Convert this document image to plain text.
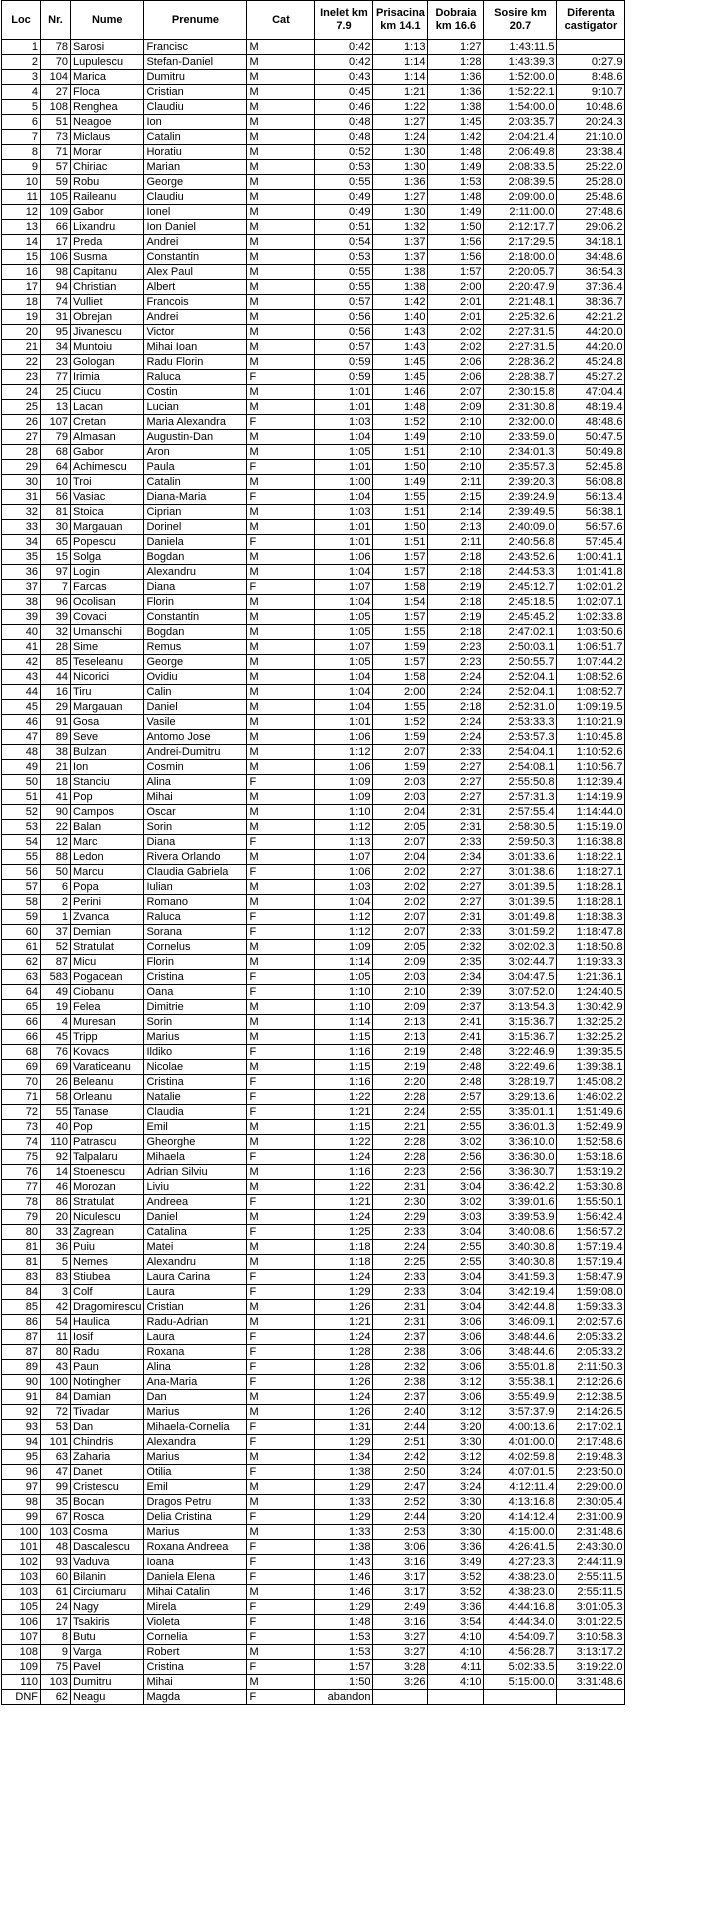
Loc	Nr.	Nume	Prenume	Cat	Inelet km 7.9	Prisacina km 14.1	Dobraia km 16.6	Sosire km 20.7	Diferenta castigator
1	78	Sarosi	Francisc	M	0:42	1:13	1:27	1:43:11.5	
2	70	Lupulescu	Stefan-Daniel	M	0:42	1:14	1:28	1:43:39.3	0:27.9
3	104	Marica	Dumitru	M	0:43	1:14	1:36	1:52:00.0	8:48.6
4	27	Floca	Cristian	M	0:45	1:21	1:36	1:52:22.1	9:10.7
5	108	Renghea	Claudiu	M	0:46	1:22	1:38	1:54:00.0	10:48.6
6	51	Neagoe	Ion	M	0:48	1:27	1:45	2:03:35.7	20:24.3
7	73	Miclaus	Catalin	M	0:48	1:24	1:42	2:04:21.4	21:10.0
8	71	Morar	Horatiu	M	0:52	1:30	1:48	2:06:49.8	23:38.4
9	57	Chiriac	Marian	M	0:53	1:30	1:49	2:08:33.5	25:22.0
10	59	Robu	George	M	0:55	1:36	1:53	2:08:39.5	25:28.0
11	105	Raileanu	Claudiu	M	0:49	1:27	1:48	2:09:00.0	25:48.6
12	109	Gabor	Ionel	M	0:49	1:30	1:49	2:11:00.0	27:48.6
13	66	Lixandru	Ion Daniel	M	0:51	1:32	1:50	2:12:17.7	29:06.2
14	17	Preda	Andrei	M	0:54	1:37	1:56	2:17:29.5	34:18.1
15	106	Susma	Constantin	M	0:53	1:37	1:56	2:18:00.0	34:48.6
16	98	Capitanu	Alex Paul	M	0:55	1:38	1:57	2:20:05.7	36:54.3
17	94	Christian	Albert	M	0:55	1:38	2:00	2:20:47.9	37:36.4
18	74	Vulliet	Francois	M	0:57	1:42	2:01	2:21:48.1	38:36.7
19	31	Obrejan	Andrei	M	0:56	1:40	2:01	2:25:32.6	42:21.2
20	95	Jivanescu	Victor	M	0:56	1:43	2:02	2:27:31.5	44:20.0
21	34	Muntoiu	Mihai Ioan	M	0:57	1:43	2:02	2:27:31.5	44:20.0
22	23	Gologan	Radu Florin	M	0:59	1:45	2:06	2:28:36.2	45:24.8
23	77	Irimia	Raluca	F	0:59	1:45	2:06	2:28:38.7	45:27.2
24	25	Ciucu	Costin	M	1:01	1:46	2:07	2:30:15.8	47:04.4
25	13	Lacan	Lucian	M	1:01	1:48	2:09	2:31:30.8	48:19.4
26	107	Cretan	Maria Alexandra	F	1:03	1:52	2:10	2:32:00.0	48:48.6
27	79	Almasan	Augustin-Dan	M	1:04	1:49	2:10	2:33:59.0	50:47.5
28	68	Gabor	Aron	M	1:05	1:51	2:10	2:34:01.3	50:49.8
29	64	Achimescu	Paula	F	1:01	1:50	2:10	2:35:57.3	52:45.8
30	10	Troi	Catalin	M	1:00	1:49	2:11	2:39:20.3	56:08.8
31	56	Vasiac	Diana-Maria	F	1:04	1:55	2:15	2:39:24.9	56:13.4
32	81	Stoica	Ciprian	M	1:03	1:51	2:14	2:39:49.5	56:38.1
33	30	Margauan	Dorinel	M	1:01	1:50	2:13	2:40:09.0	56:57.6
34	65	Popescu	Daniela	F	1:01	1:51	2:11	2:40:56.8	57:45.4
35	15	Solga	Bogdan	M	1:06	1:57	2:18	2:43:52.6	1:00:41.1
36	97	Login	Alexandru	M	1:04	1:57	2:18	2:44:53.3	1:01:41.8
37	7	Farcas	Diana	F	1:07	1:58	2:19	2:45:12.7	1:02:01.2
38	96	Ocolisan	Florin	M	1:04	1:54	2:18	2:45:18.5	1:02:07.1
39	39	Covaci	Constantin	M	1:05	1:57	2:19	2:45:45.2	1:02:33.8
40	32	Umanschi	Bogdan	M	1:05	1:55	2:18	2:47:02.1	1:03:50.6
41	28	Sime	Remus	M	1:07	1:59	2:23	2:50:03.1	1:06:51.7
42	85	Teseleanu	George	M	1:05	1:57	2:23	2:50:55.7	1:07:44.2
43	44	Nicorici	Ovidiu	M	1:04	1:58	2:24	2:52:04.1	1:08:52.6
44	16	Tiru	Calin	M	1:04	2:00	2:24	2:52:04.1	1:08:52.7
45	29	Margauan	Daniel	M	1:04	1:55	2:18	2:52:31.0	1:09:19.5
46	91	Gosa	Vasile	M	1:01	1:52	2:24	2:53:33.3	1:10:21.9
47	89	Seve	Antomo Jose	M	1:06	1:59	2:24	2:53:57.3	1:10:45.8
48	38	Bulzan	Andrei-Dumitru	M	1:12	2:07	2:33	2:54:04.1	1:10:52.6
49	21	Ion	Cosmin	M	1:06	1:59	2:27	2:54:08.1	1:10:56.7
50	18	Stanciu	Alina	F	1:09	2:03	2:27	2:55:50.8	1:12:39.4
51	41	Pop	Mihai	M	1:09	2:03	2:27	2:57:31.3	1:14:19.9
52	90	Campos	Oscar	M	1:10	2:04	2:31	2:57:55.4	1:14:44.0
53	22	Balan	Sorin	M	1:12	2:05	2:31	2:58:30.5	1:15:19.0
54	12	Marc	Diana	F	1:13	2:07	2:33	2:59:50.3	1:16:38.8
55	88	Ledon	Rivera Orlando	M	1:07	2:04	2:34	3:01:33.6	1:18:22.1
56	50	Marcu	Claudia Gabriela	F	1:06	2:02	2:27	3:01:38.6	1:18:27.1
57	6	Popa	Iulian	M	1:03	2:02	2:27	3:01:39.5	1:18:28.1
58	2	Perini	Romano	M	1:04	2:02	2:27	3:01:39.5	1:18:28.1
59	1	Zvanca	Raluca	F	1:12	2:07	2:31	3:01:49.8	1:18:38.3
60	37	Demian	Sorana	F	1:12	2:07	2:33	3:01:59.2	1:18:47.8
61	52	Stratulat	Cornelus	M	1:09	2:05	2:32	3:02:02.3	1:18:50.8
62	87	Micu	Florin	M	1:14	2:09	2:35	3:02:44.7	1:19:33.3
63	583	Pogacean	Cristina	F	1:05	2:03	2:34	3:04:47.5	1:21:36.1
64	49	Ciobanu	Oana	F	1:10	2:10	2:39	3:07:52.0	1:24:40.5
65	19	Felea	Dimitrie	M	1:10	2:09	2:37	3:13:54.3	1:30:42.9
66	4	Muresan	Sorin	M	1:14	2:13	2:41	3:15:36.7	1:32:25.2
66	45	Tripp	Marius	M	1:15	2:13	2:41	3:15:36.7	1:32:25.2
68	76	Kovacs	Ildiko	F	1:16	2:19	2:48	3:22:46.9	1:39:35.5
69	69	Varaticeanu	Nicolae	M	1:15	2:19	2:48	3:22:49.6	1:39:38.1
70	26	Beleanu	Cristina	F	1:16	2:20	2:48	3:28:19.7	1:45:08.2
71	58	Orleanu	Natalie	F	1:22	2:28	2:57	3:29:13.6	1:46:02.2
72	55	Tanase	Claudia	F	1:21	2:24	2:55	3:35:01.1	1:51:49.6
73	40	Pop	Emil	M	1:15	2:21	2:55	3:36:01.3	1:52:49.9
74	110	Patrascu	Gheorghe	M	1:22	2:28	3:02	3:36:10.0	1:52:58.6
75	92	Talpalaru	Mihaela	F	1:24	2:28	2:56	3:36:30.0	1:53:18.6
76	14	Stoenescu	Adrian Silviu	M	1:16	2:23	2:56	3:36:30.7	1:53:19.2
77	46	Morozan	Liviu	M	1:22	2:31	3:04	3:36:42.2	1:53:30.8
78	86	Stratulat	Andreea	F	1:21	2:30	3:02	3:39:01.6	1:55:50.1
79	20	Niculescu	Daniel	M	1:24	2:29	3:03	3:39:53.9	1:56:42.4
80	33	Zagrean	Catalina	F	1:25	2:33	3:04	3:40:08.6	1:56:57.2
81	36	Puiu	Matei	M	1:18	2:24	2:55	3:40:30.8	1:57:19.4
81	5	Nemes	Alexandru	M	1:18	2:25	2:55	3:40:30.8	1:57:19.4
83	83	Stiubea	Laura Carina	F	1:24	2:33	3:04	3:41:59.3	1:58:47.9
84	3	Colf	Laura	F	1:29	2:33	3:04	3:42:19.4	1:59:08.0
85	42	Dragomirescu	Cristian	M	1:26	2:31	3:04	3:42:44.8	1:59:33.3
86	54	Haulica	Radu-Adrian	M	1:21	2:31	3:06	3:46:09.1	2:02:57.6
87	11	Iosif	Laura	F	1:24	2:37	3:06	3:48:44.6	2:05:33.2
87	80	Radu	Roxana	F	1:28	2:38	3:06	3:48:44.6	2:05:33.2
89	43	Paun	Alina	F	1:28	2:32	3:06	3:55:01.8	2:11:50.3
90	100	Notingher	Ana-Maria	F	1:26	2:38	3:12	3:55:38.1	2:12:26.6
91	84	Damian	Dan	M	1:24	2:37	3:06	3:55:49.9	2:12:38.5
92	72	Tivadar	Marius	M	1:26	2:40	3:12	3:57:37.9	2:14:26.5
93	53	Dan	Mihaela-Cornelia	F	1:31	2:44	3:20	4:00:13.6	2:17:02.1
94	101	Chindris	Alexandra	F	1:29	2:51	3:30	4:01:00.0	2:17:48.6
95	63	Zaharia	Marius	M	1:34	2:42	3:12	4:02:59.8	2:19:48.3
96	47	Danet	Otilia	F	1:38	2:50	3:24	4:07:01.5	2:23:50.0
97	99	Cristescu	Emil	M	1:29	2:47	3:24	4:12:11.4	2:29:00.0
98	35	Bocan	Dragos Petru	M	1:33	2:52	3:30	4:13:16.8	2:30:05.4
99	67	Rosca	Delia Cristina	F	1:29	2:44	3:20	4:14:12.4	2:31:00.9
100	103	Cosma	Marius	M	1:33	2:53	3:30	4:15:00.0	2:31:48.6
101	48	Dascalescu	Roxana Andreea	F	1:38	3:06	3:36	4:26:41.5	2:43:30.0
102	93	Vaduva	Ioana	F	1:43	3:16	3:49	4:27:23.3	2:44:11.9
103	60	Bilanin	Daniela Elena	F	1:46	3:17	3:52	4:38:23.0	2:55:11.5
103	61	Circiumaru	Mihai Catalin	M	1:46	3:17	3:52	4:38:23.0	2:55:11.5
105	24	Nagy	Mirela	F	1:29	2:49	3:36	4:44:16.8	3:01:05.3
106	17	Tsakiris	Violeta	F	1:48	3:16	3:54	4:44:34.0	3:01:22.5
107	8	Butu	Cornelia	F	1:53	3:27	4:10	4:54:09.7	3:10:58.3
108	9	Varga	Robert	M	1:53	3:27	4:10	4:56:28.7	3:13:17.2
109	75	Pavel	Cristina	F	1:57	3:28	4:11	5:02:33.5	3:19:22.0
110	103	Dumitru	Mihai	M	1:50	3:26	4:10	5:15:00.0	3:31:48.6
DNF	62	Neagu	Magda	F	abandon				
